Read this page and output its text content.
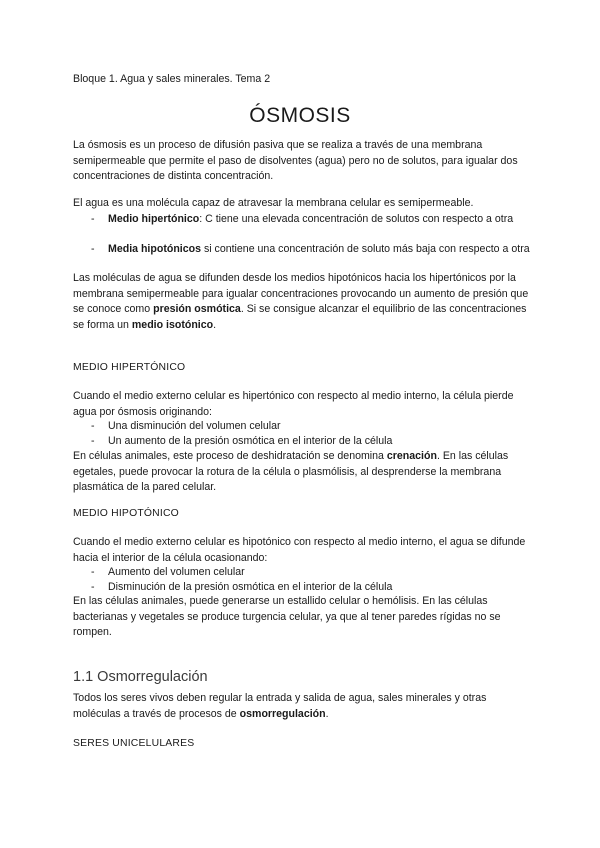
Bloque 1. Agua y sales minerales. Tema 2
ÓSMOSIS
La ósmosis es un proceso de difusión pasiva que se realiza a través de una membrana semipermeable que permite el paso de disolventes (agua) pero no de solutos, para igualar dos concentraciones de distinta concentración.
El agua es una molécula capaz de atravesar la membrana celular es semipermeable.
- Medio hipertónico: C tiene una elevada concentración de solutos con respecto a otra
- Media hipotónicos si contiene una concentración de soluto más baja con respecto a otra
Las moléculas de agua se difunden desde los medios hipotónicos hacia los hipertónicos por la membrana semipermeable para igualar concentraciones provocando un aumento de presión que se conoce como presión osmótica. Si se consigue alcanzar el equilibrio de las concentraciones se forma un medio isotónico.
MEDIO HIPERTÓNICO
Cuando el medio externo celular es hipertónico con respecto al medio interno, la célula pierde agua por ósmosis originando:
- Una disminución del volumen celular
- Un aumento de la presión osmótica en el interior de la célula
En células animales, este proceso de deshidratación se denomina crenación. En las células egetales, puede provocar la rotura de la célula o plasmólisis, al desprenderse la membrana plasmática de la pared celular.
MEDIO HIPOTÓNICO
Cuando el medio externo celular es hipotónico con respecto al medio interno, el agua se difunde hacia el interior de la célula ocasionando:
- Aumento del volumen celular
- Disminución de la presión osmótica en el interior de la célula
En las células animales, puede generarse un estallido celular o hemólisis. En las células bacterianas y vegetales se produce turgencia celular, ya que al tener paredes rígidas no se rompen.
1.1 Osmorregulación
Todos los seres vivos deben regular la entrada y salida de agua, sales minerales y otras moléculas a través de procesos de osmorregulación.
SERES UNICELULARES
